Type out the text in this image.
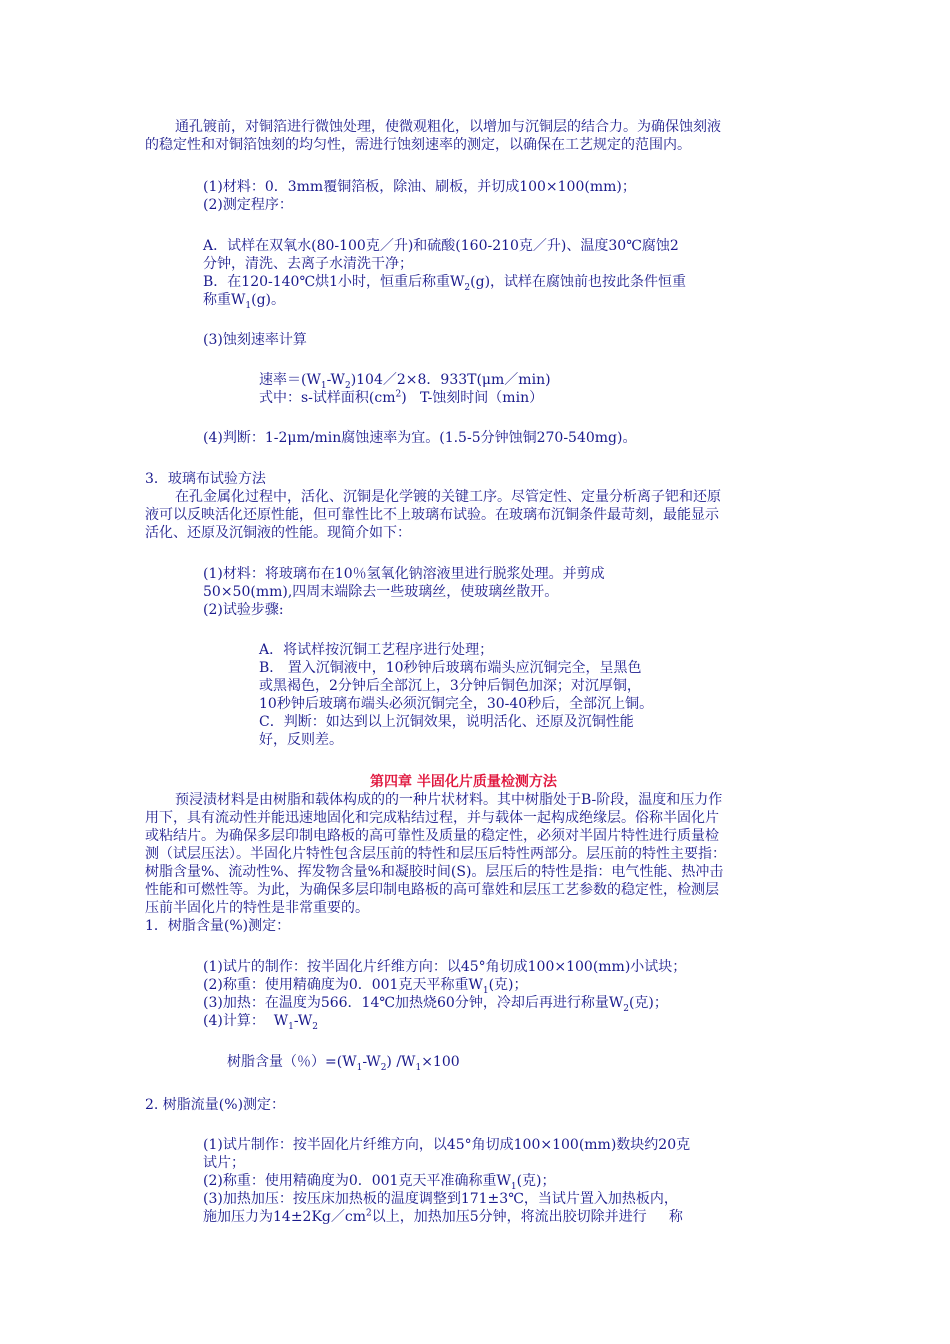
通孔镀前，对铜箔进行微蚀处理，使微观粗化，以增加与沉铜层的结合力。为确保蚀刻液
的稳定性和对铜箔蚀刻的均匀性，需进行蚀刻速率的测定，以确保在工艺规定的范围内。
(1)材料：0．3mm覆铜箔板，除油、刷板，并切成100×100(mm)；
(2)测定程序：
A．试样在双氧水(80-100克／升)和硫酸(160-210克／升)、温度30℃腐蚀2
分钟，清洗、去离子水清洗干净；
B．在120-140℃烘1小时，恒重后称重$W_2(g)$，试样在腐蚀前也按此条件恒重
称重$W_1(g)$。
(3)蚀刻速率计算
速率$=(W_1-W_2)104/2\times 8$．933T(μm／min)
式中：s-试样面积$(cm^2)$   T-蚀刻时间（min）
(4)判断：1-2μm/min腐蚀速率为宜。(1.5-5分钟蚀铜270-540mg)。
3．玻璃布试验方法
在孔金属化过程中，活化、沉铜是化学镀的关键工序。尽管定性、定量分析离子钯和还原
液可以反映活化还原性能，但可靠性比不上玻璃布试验。在玻璃布沉铜条件最苛刻，最能显示
活化、还原及沉铜液的性能。现简介如下：
(1)材料：将玻璃布在10％氢氧化钠溶液里进行脱浆处理。并剪成
50×50(mm),四周末端除去一些玻璃丝，使玻璃丝散开。
(2)试验步骤:
A．将试样按沉铜工艺程序进行处理；
B． 置入沉铜液中，10秒钟后玻璃布端头应沉铜完全，呈黑色
或黑褐色，2分钟后全部沉上，3分钟后铜色加深；对沉厚铜，
10秒钟后玻璃布端头必须沉铜完全，30-40秒后，全部沉上铜。
C．判断：如达到以上沉铜效果，说明活化、还原及沉铜性能
好，反则差。
第四章 半固化片质量检测方法
预浸渍材料是由树脂和载体构成的的一种片状材料。其中树脂处于B-阶段，温度和压力作
用下，具有流动性并能迅速地固化和完成粘结过程，并与载体一起构成绝缘层。俗称半固化片
或粘结片。为确保多层印制电路板的高可靠性及质量的稳定性，必须对半固片特性进行质量检
测（试层压法）。半固化片特性包含层压前的特性和层压后特性两部分。层压前的特性主要指：
树脂含量%、流动性%、挥发物含量%和凝胶时间(S)。层压后的特性是指：电气性能、热冲击
性能和可燃性等。为此，为确保多层印制电路板的高可靠姓和层压工艺参数的稳定性，检测层
压前半固化片的特性是非常重要的。
1．树脂含量(%)测定：
(1)试片的制作：按半固化片纤维方向：以45°角切成100×100(mm)小试块；
(2)称重：使用精确度为0．001克天平称重$W_1$(克)；
(3)加热：在温度为566．14℃加热烧60分钟，冷却后再进行称量$W_2$(克)；
(4)计算：  $W_1-W_2$
树脂含量（％）$=(W_1-W_2)$ $/W_1\times 100$
2. 树脂流量(%)测定：
(1)试片制作：按半固化片纤维方向，以45°角切成100×100(mm)数块约20克
试片；
(2)称重：使用精确度为0．001克天平准确称重$W_1$(克)；
(3)加热加压：按压床加热板的温度调整到171±3℃，当试片置入加热板内，
施加压力为$14\pm 2Kg/cm^2$以上，加热加压5分钟，将流出胶切除并进行     称
